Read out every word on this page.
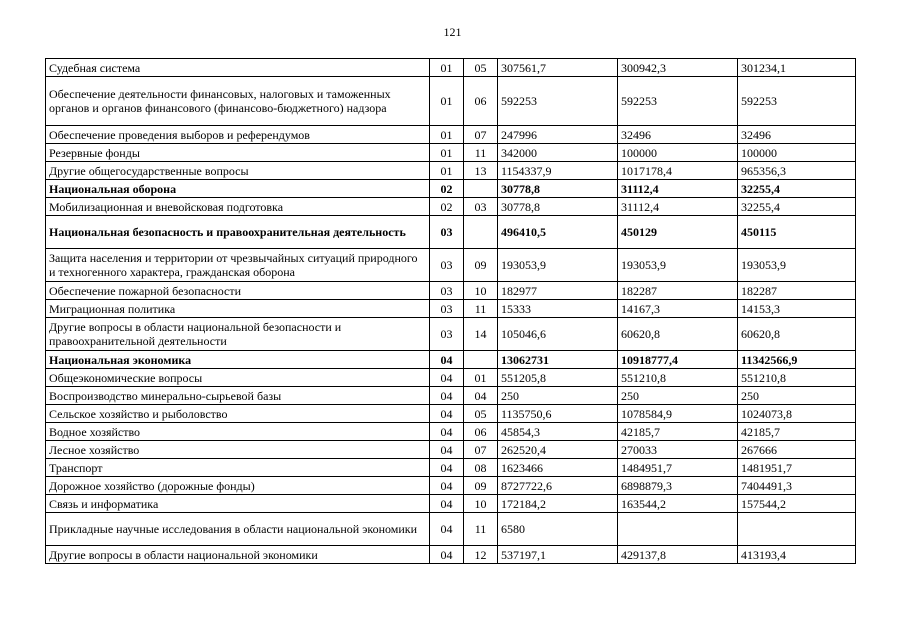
121
Судебная система	01	05	307561,7	300942,3	301234,1
Обеспечение деятельности финансовых, налоговых и таможенных органов и органов финансового (финансово-бюджетного) надзора	01	06	592253	592253	592253
Обеспечение проведения выборов и референдумов	01	07	247996	32496	32496
Резервные фонды	01	11	342000	100000	100000
Другие общегосударственные вопросы	01	13	1154337,9	1017178,4	965356,3
Национальная оборона	02		30778,8	31112,4	32255,4
Мобилизационная и вневойсковая подготовка	02	03	30778,8	31112,4	32255,4
Национальная безопасность и правоохранительная деятельность	03		496410,5	450129	450115
Защита населения и территории от чрезвычайных ситуаций природного и техногенного характера, гражданская оборона	03	09	193053,9	193053,9	193053,9
Обеспечение пожарной безопасности	03	10	182977	182287	182287
Миграционная политика	03	11	15333	14167,3	14153,3
Другие вопросы в области национальной безопасности и правоохранительной деятельности	03	14	105046,6	60620,8	60620,8
Национальная экономика	04		13062731	10918777,4	11342566,9
Общеэкономические вопросы	04	01	551205,8	551210,8	551210,8
Воспроизводство минерально-сырьевой базы	04	04	250	250	250
Сельское хозяйство и рыболовство	04	05	1135750,6	1078584,9	1024073,8
Водное хозяйство	04	06	45854,3	42185,7	42185,7
Лесное хозяйство	04	07	262520,4	270033	267666
Транспорт	04	08	1623466	1484951,7	1481951,7
Дорожное хозяйство (дорожные фонды)	04	09	8727722,6	6898879,3	7404491,3
Связь и информатика	04	10	172184,2	163544,2	157544,2
Прикладные научные исследования в области национальной экономики	04	11	6580		
Другие вопросы в области национальной экономики	04	12	537197,1	429137,8	413193,4
